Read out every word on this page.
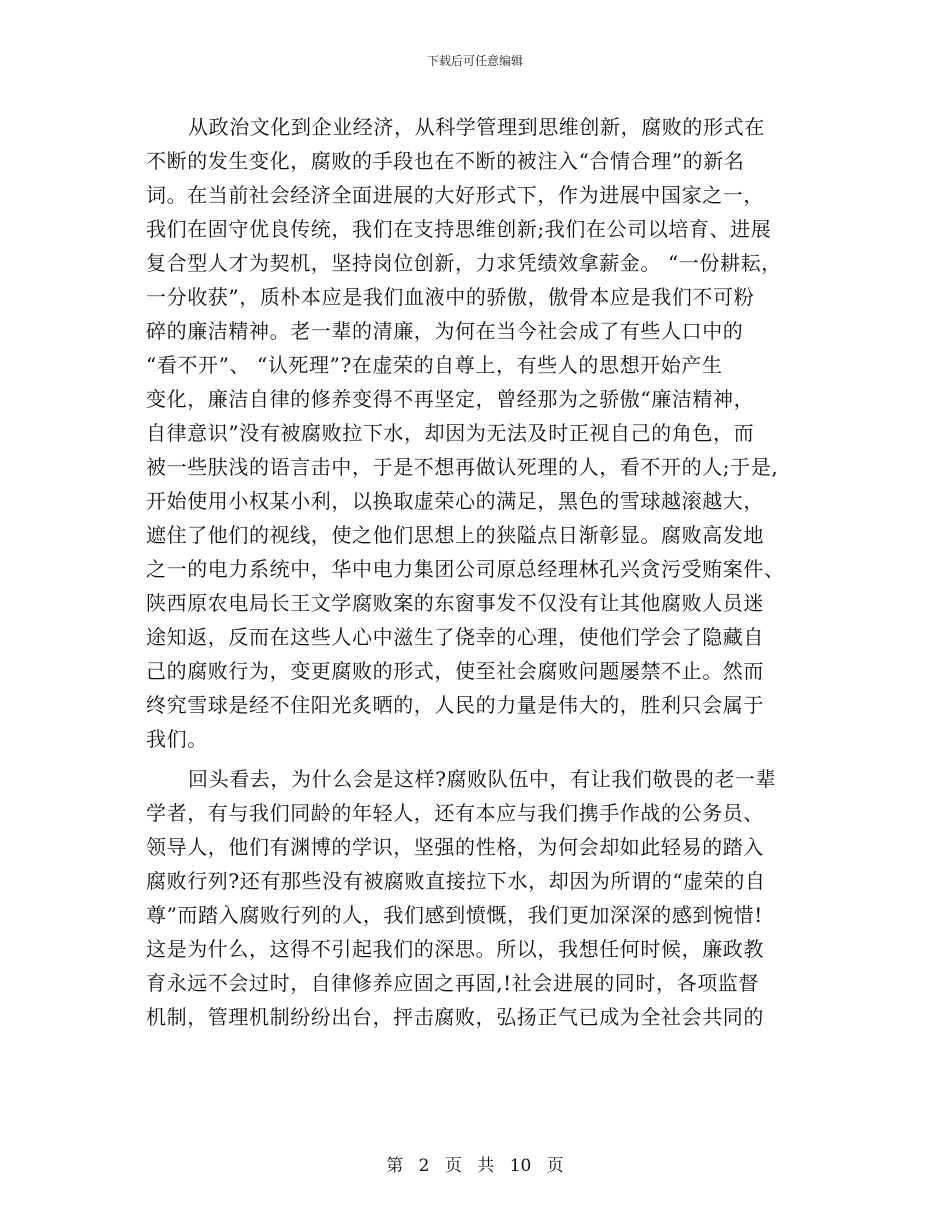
下载后可任意编辑
从政治文化到企业经济，从科学管理到思维创新，腐败的形式在
不断的发生变化，腐败的手段也在不断的被注入“合情合理”的新名
词。在当前社会经济全面进展的大好形式下，作为进展中国家之一，
我们在固守优良传统，我们在支持思维创新;我们在公司以培育、进展
复合型人才为契机，坚持岗位创新，力求凭绩效拿薪金。 “一份耕耘，
一分收获”，质朴本应是我们血液中的骄傲，傲骨本应是我们不可粉
碎的廉洁精神。老一辈的清廉，为何在当今社会成了有些人口中的
“看不开”、 “认死理”?在虚荣的自尊上，有些人的思想开始产生
变化，廉洁自律的修养变得不再坚定，曾经那为之骄傲“廉洁精神，
自律意识”没有被腐败拉下水，却因为无法及时正视自己的角色，而
被一些肤浅的语言击中，于是不想再做认死理的人，看不开的人;于是,
开始使用小权某小利，以换取虚荣心的满足，黑色的雪球越滚越大，
遮住了他们的视线，使之他们思想上的狭隘点日渐彰显。腐败高发地
之一的电力系统中，华中电力集团公司原总经理林孔兴贪污受贿案件、
陕西原农电局长王文学腐败案的东窗事发不仅没有让其他腐败人员迷
途知返，反而在这些人心中滋生了侥幸的心理，使他们学会了隐藏自
己的腐败行为，变更腐败的形式，使至社会腐败问题屡禁不止。然而
终究雪球是经不住阳光炙晒的，人民的力量是伟大的，胜利只会属于
我们。
回头看去，为什么会是这样?腐败队伍中，有让我们敬畏的老一辈
学者，有与我们同龄的年轻人，还有本应与我们携手作战的公务员、
领导人，他们有渊博的学识，坚强的性格，为何会却如此轻易的踏入
腐败行列?还有那些没有被腐败直接拉下水，却因为所谓的“虚荣的自
尊”而踏入腐败行列的人，我们感到愤慨，我们更加深深的感到惋惜!
这是为什么，这得不引起我们的深思。所以，我想任何时候，廉政教
育永远不会过时，自律修养应固之再固,!社会进展的同时，各项监督
机制，管理机制纷纷出台，抨击腐败，弘扬正气已成为全社会共同的
第 2 页 共 10 页
